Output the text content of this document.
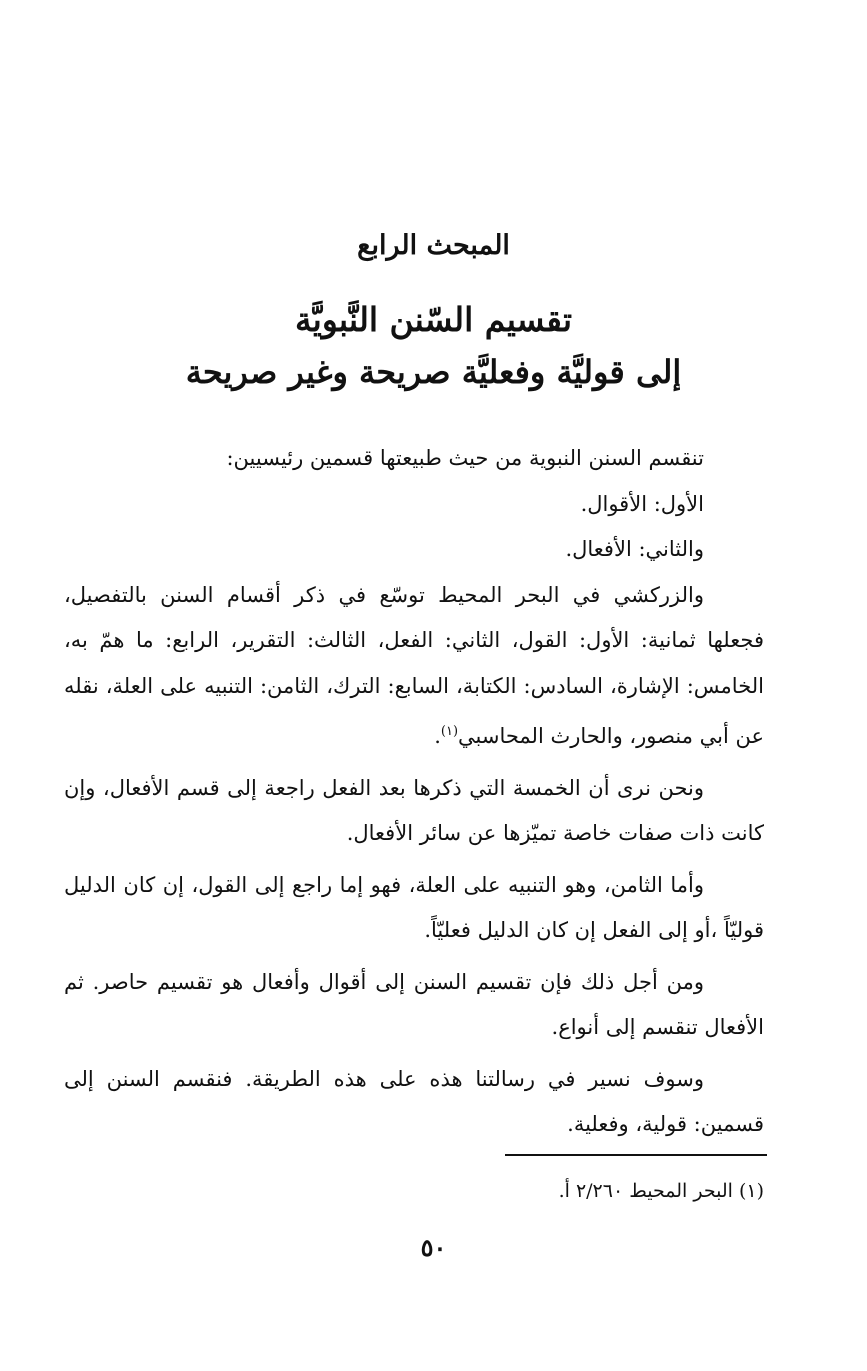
المبحث الرابع
تقسيم السّنن النَّبويَّة
إلى قوليَّة وفعليَّة صريحة وغير صريحة

تنقسم السنن النبوية من حيث طبيعتها قسمين رئيسيين:

الأول: الأقوال.

والثاني: الأفعال.

والزركشي في البحر المحيط توسّع في ذكر أقسام السنن بالتفصيل، فجعلها ثمانية: الأول: القول، الثاني: الفعل، الثالث: التقرير، الرابع: ما همّ به، الخامس: الإشارة، السادس: الكتابة، السابع: الترك، الثامن: التنبيه على العلة، نقله عن أبي منصور، والحارث المحاسبي$^{(١)}$.

ونحن نرى أن الخمسة التي ذكرها بعد الفعل راجعة إلى قسم الأفعال، وإن كانت ذات صفات خاصة تميّزها عن سائر الأفعال.

وأما الثامن، وهو التنبيه على العلة، فهو إما راجع إلى القول، إن كان الدليل قوليّاً ،أو إلى الفعل إن كان الدليل فعليّاً.

ومن أجل ذلك فإن تقسيم السنن إلى أقوال وأفعال هو تقسيم حاصر. ثم الأفعال تنقسم إلى أنواع.

وسوف نسير في رسالتنا هذه على هذه الطريقة. فنقسم السنن إلى قسمين: قولية، وفعلية.

(١) البحر المحيط ٢/٢٦٠ أ.

٥٠
